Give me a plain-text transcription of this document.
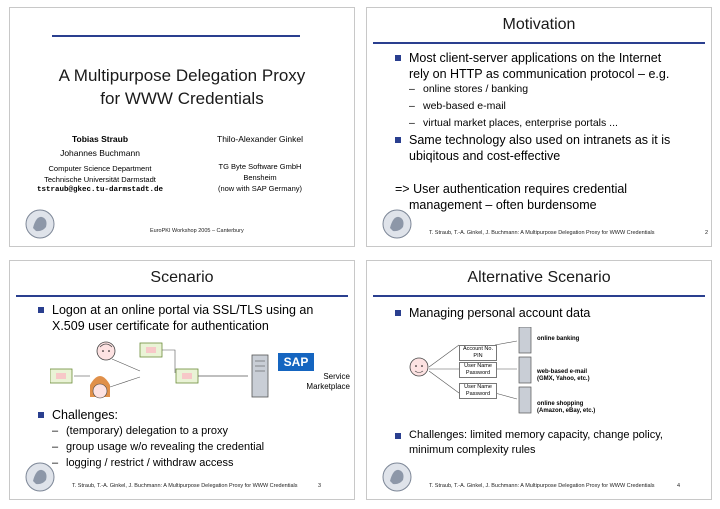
A Multipurpose Delegation Proxy
for WWW Credentials
Tobias Straub
Johannes Buchmann
Thilo-Alexander Ginkel
Computer Science Department
Technische Universität Darmstadt
tstraub@gkec.tu-darmstadt.de
TG Byte Software GmbH
Bensheim
(now with SAP Germany)
EuroPKI Workshop 2005 – Canterbury
Motivation
Most client-server applications on the Internet
rely on HTTP as communication protocol – e.g.
– online stores / banking
– web-based e-mail
– virtual market places, enterprise portals ...
Same technology also used on intranets as it is
ubiqitous and cost-effective
=> User authentication requires credential
management – often burdensome
T. Straub, T.-A. Ginkel, J. Buchmann: A Multipurpose Delegation Proxy for WWW Credentials	2
Scenario
Logon at an online portal via SSL/TLS using an
X.509 user certificate for authentication
SAP
Service
Marketplace
Challenges:
– (temporary) delegation to a proxy
– group usage w/o revealing the credential
– logging / restrict / withdraw access
T. Straub, T.-A. Ginkel, J. Buchmann: A Multipurpose Delegation Proxy for WWW Credentials	3
Alternative Scenario
Managing personal account data
Account No.
PIN
User Name
Password
User Name
Password
online banking
web-based e-mail
(GMX, Yahoo, etc.)
online shopping
(Amazon, eBay, etc.)
Challenges: limited memory capacity, change policy,
minimum complexity rules
T. Straub, T.-A. Ginkel, J. Buchmann: A Multipurpose Delegation Proxy for WWW Credentials	4
